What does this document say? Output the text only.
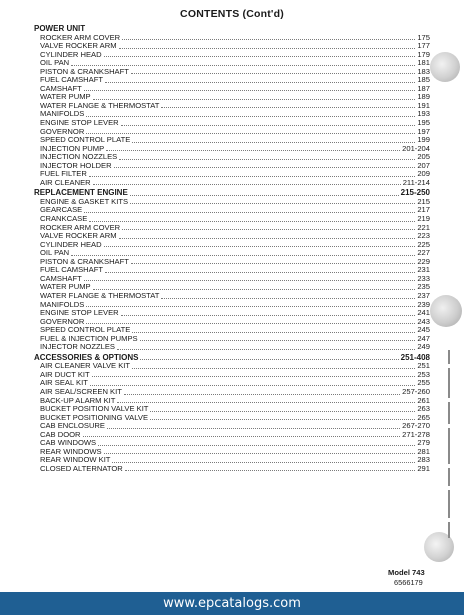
CONTENTS (Cont'd)
POWER UNIT
ROCKER ARM COVER	175
VALVE ROCKER ARM	177
CYLINDER HEAD	179
OIL PAN	181
PISTON & CRANKSHAFT	183
FUEL CAMSHAFT	185
CAMSHAFT	187
WATER PUMP	189
WATER FLANGE & THERMOSTAT	191
MANIFOLDS	193
ENGINE STOP LEVER	195
GOVERNOR	197
SPEED CONTROL PLATE	199
INJECTION PUMP	201-204
INJECTION NOZZLES	205
INJECTOR HOLDER	207
FUEL FILTER	209
AIR CLEANER	211-214
REPLACEMENT ENGINE	215-250
ENGINE & GASKET KITS	215
GEARCASE	217
CRANKCASE	219
ROCKER ARM COVER	221
VALVE ROCKER ARM	223
CYLINDER HEAD	225
OIL PAN	227
PISTON & CRANKSHAFT	229
FUEL CAMSHAFT	231
CAMSHAFT	233
WATER PUMP	235
WATER FLANGE & THERMOSTAT	237
MANIFOLDS	239
ENGINE STOP LEVER	241
GOVERNOR	243
SPEED CONTROL PLATE	245
FUEL & INJECTION PUMPS	247
INJECTOR NOZZLES	249
ACCESSORIES & OPTIONS	251-408
AIR CLEANER VALVE KIT	251
AIR DUCT KIT	253
AIR SEAL KIT	255
AIR SEAL/SCREEN KIT	257-260
BACK-UP ALARM KIT	261
BUCKET POSITION VALVE KIT	263
BUCKET POSITIONING VALVE	265
CAB ENCLOSURE	267-270
CAB DOOR	271-278
CAB WINDOWS	279
REAR WINDOWS	281
REAR WINDOW KIT	283
CLOSED ALTERNATOR	291
Model 743
6566179
www.epcatalogs.com
